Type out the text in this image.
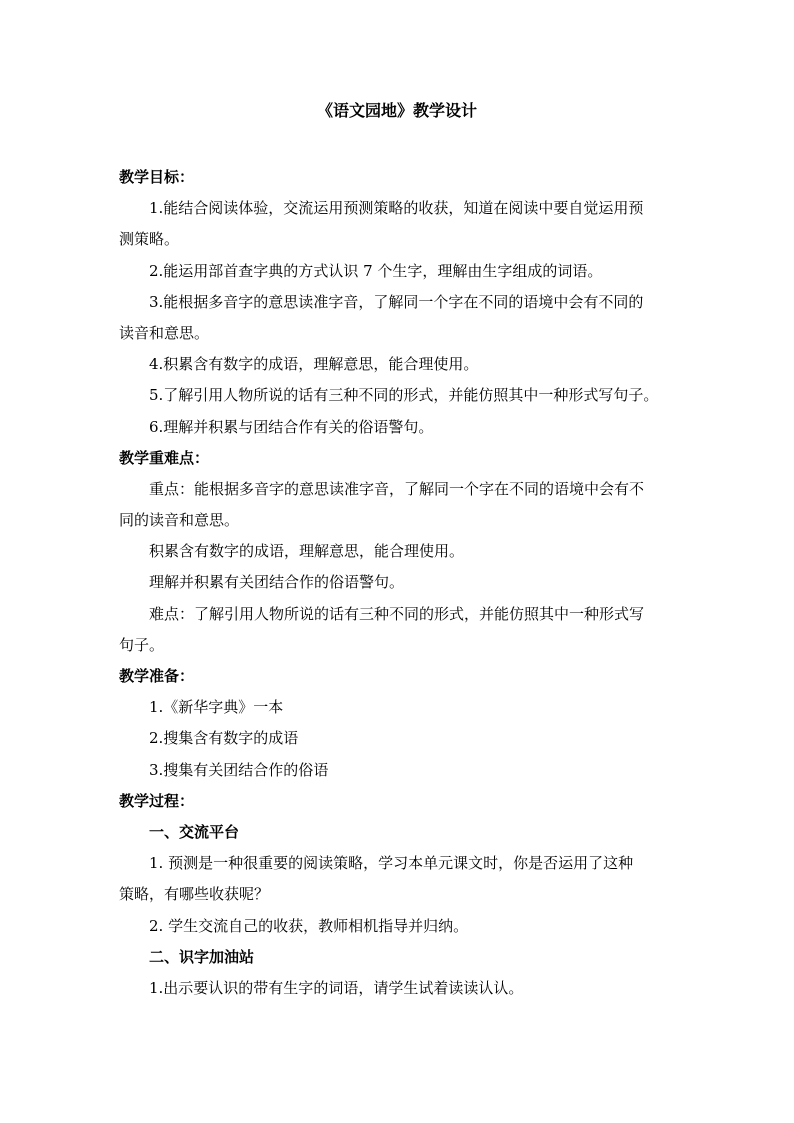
《语文园地》教学设计
教学目标：
1.能结合阅读体验，交流运用预测策略的收获，知道在阅读中要自觉运用预
测策略。
2.能运用部首查字典的方式认识 7 个生字，理解由生字组成的词语。
3.能根据多音字的意思读准字音，了解同一个字在不同的语境中会有不同的
读音和意思。
4.积累含有数字的成语，理解意思，能合理使用。
5.了解引用人物所说的话有三种不同的形式，并能仿照其中一种形式写句子。
6.理解并积累与团结合作有关的俗语警句。
教学重难点：
重点：能根据多音字的意思读准字音，了解同一个字在不同的语境中会有不
同的读音和意思。
积累含有数字的成语，理解意思，能合理使用。
理解并积累有关团结合作的俗语警句。
难点：了解引用人物所说的话有三种不同的形式，并能仿照其中一种形式写
句子。
教学准备：
1.《新华字典》一本
2.搜集含有数字的成语
3.搜集有关团结合作的俗语
教学过程：
一、交流平台
1. 预测是一种很重要的阅读策略，学习本单元课文时，你是否运用了这种
策略，有哪些收获呢？
2. 学生交流自己的收获，教师相机指导并归纳。
二、识字加油站
1.出示要认识的带有生字的词语，请学生试着读读认认。
